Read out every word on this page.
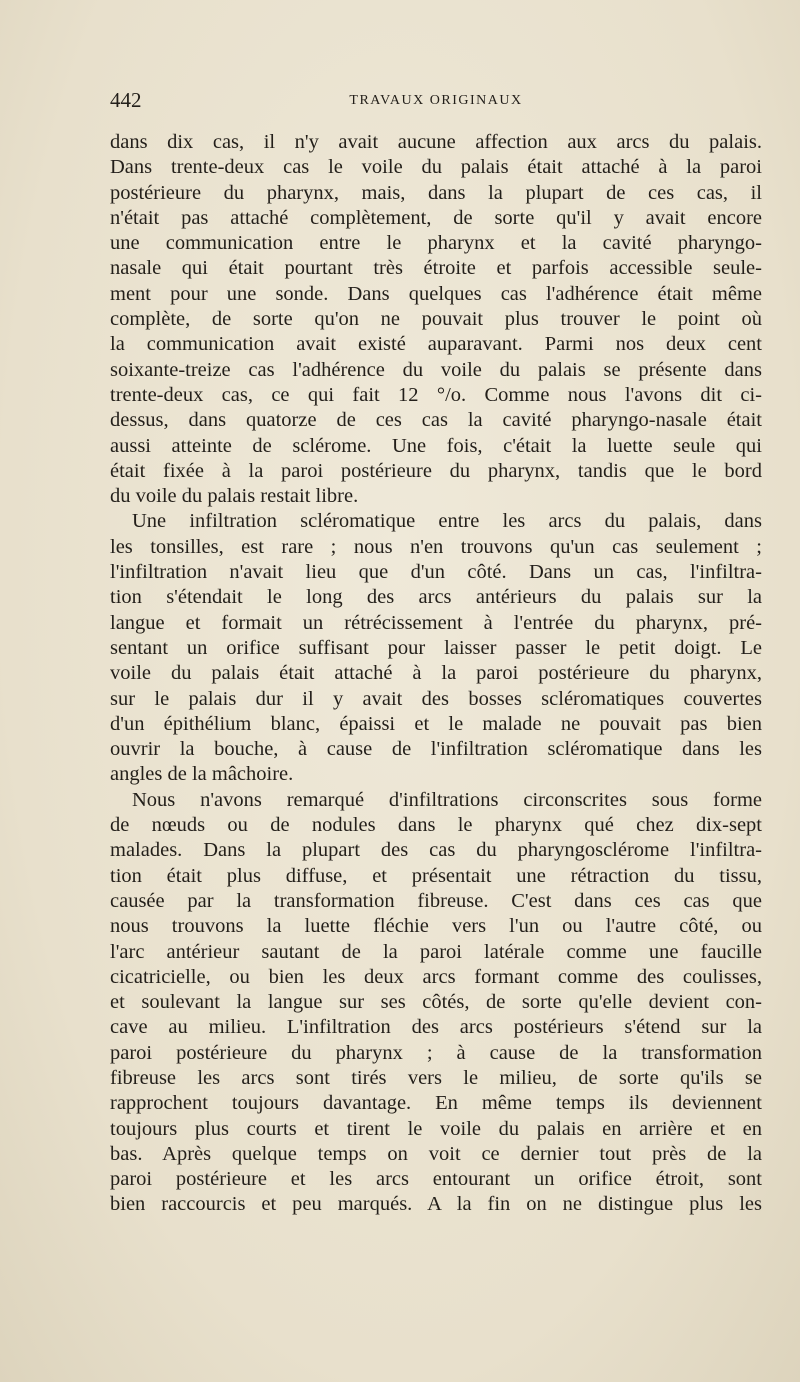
442	TRAVAUX ORIGINAUX
dans dix cas, il n'y avait aucune affection aux arcs du palais.
Dans trente-deux cas le voile du palais était attaché à la paroi
postérieure du pharynx, mais, dans la plupart de ces cas, il
n'était pas attaché complètement, de sorte qu'il y avait encore
une communication entre le pharynx et la cavité pharyngo-
nasale qui était pourtant très étroite et parfois accessible seule-
ment pour une sonde. Dans quelques cas l'adhérence était même
complète, de sorte qu'on ne pouvait plus trouver le point où
la communication avait existé auparavant. Parmi nos deux cent
soixante-treize cas l'adhérence du voile du palais se présente dans
trente-deux cas, ce qui fait 12 °/o. Comme nous l'avons dit ci-
dessus, dans quatorze de ces cas la cavité pharyngo-nasale était
aussi atteinte de sclérome. Une fois, c'était la luette seule qui
était fixée à la paroi postérieure du pharynx, tandis que le bord
du voile du palais restait libre.
Une infiltration scléromatique entre les arcs du palais, dans
les tonsilles, est rare ; nous n'en trouvons qu'un cas seulement ;
l'infiltration n'avait lieu que d'un côté. Dans un cas, l'infiltra-
tion s'étendait le long des arcs antérieurs du palais sur la
langue et formait un rétrécissement à l'entrée du pharynx, pré-
sentant un orifice suffisant pour laisser passer le petit doigt. Le
voile du palais était attaché à la paroi postérieure du pharynx,
sur le palais dur il y avait des bosses scléromatiques couvertes
d'un épithélium blanc, épaissi et le malade ne pouvait pas bien
ouvrir la bouche, à cause de l'infiltration scléromatique dans les
angles de la mâchoire.
Nous n'avons remarqué d'infiltrations circonscrites sous forme
de nœuds ou de nodules dans le pharynx qué chez dix-sept
malades. Dans la plupart des cas du pharyngosclérome l'infiltra-
tion était plus diffuse, et présentait une rétraction du tissu,
causée par la transformation fibreuse. C'est dans ces cas que
nous trouvons la luette fléchie vers l'un ou l'autre côté, ou
l'arc antérieur sautant de la paroi latérale comme une faucille
cicatricielle, ou bien les deux arcs formant comme des coulisses,
et soulevant la langue sur ses côtés, de sorte qu'elle devient con-
cave au milieu. L'infiltration des arcs postérieurs s'étend sur la
paroi postérieure du pharynx ; à cause de la transformation
fibreuse les arcs sont tirés vers le milieu, de sorte qu'ils se
rapprochent toujours davantage. En même temps ils deviennent
toujours plus courts et tirent le voile du palais en arrière et en
bas. Après quelque temps on voit ce dernier tout près de la
paroi postérieure et les arcs entourant un orifice étroit, sont
bien raccourcis et peu marqués. A la fin on ne distingue plus les
